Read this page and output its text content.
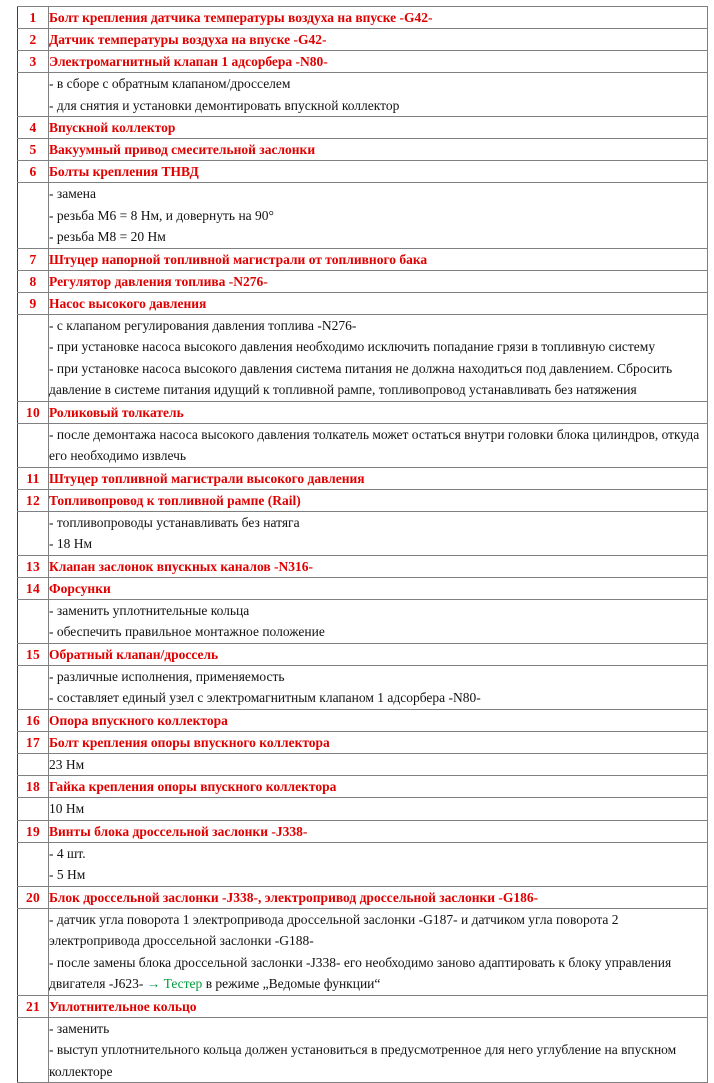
1	Болт крепления датчика температуры воздуха на впуске -G42-
2	Датчик температуры воздуха на впуске -G42-
3	Электромагнитный клапан 1 адсорбера -N80-

	- в сборе с обратным клапаном/дросселем
- для снятия и установки демонтировать впускной коллектор

4	Впускной коллектор
5	Вакуумный привод смесительной заслонки
6	Болты крепления ТНВД

	- замена
- резьба М6 = 8 Нм, и довернуть на 90°
- резьба М8 = 20 Нм

7	Штуцер напорной топливной магистрали от топливного бака
8	Регулятор давления топлива -N276-
9	Насос высокого давления

	- с клапаном регулирования давления топлива -N276-
- при установке насоса высокого давления необходимо исключить попадание грязи в топливную систему
- при установке насоса высокого давления система питания не должна находиться под давлением. Сбросить давление в системе питания идущий к топливной рампе, топливопровод устанавливать без натяжения

10	Роликовый толкатель

	- после демонтажа насоса высокого давления толкатель может остаться внутри головки блока цилиндров, откуда его необходимо извлечь

11	Штуцер топливной магистрали высокого давления
12	Топливопровод к топливной рампе (Rail)

	- топливопроводы устанавливать без натяга
- 18 Нм

13	Клапан заслонок впускных каналов -N316-
14	Форсунки

	- заменить уплотнительные кольца
- обеспечить правильное монтажное положение

15	Обратный клапан/дроссель

	- различные исполнения, применяемость
- составляет единый узел с электромагнитным клапаном 1 адсорбера -N80-

16	Опора впускного коллектора
17	Болт крепления опоры впускного коллектора

	23 Нм

18	Гайка крепления опоры впускного коллектора

	10 Нм

19	Винты блока дроссельной заслонки -J338-

	- 4 шт.
- 5 Нм

20	Блок дроссельной заслонки -J338-, электропривод дроссельной заслонки -G186-

	- датчик угла поворота 1 электропривода дроссельной заслонки -G187- и датчиком угла поворота 2 электропривода дроссельной заслонки -G188-
- после замены блока дроссельной заслонки -J338- его необходимо заново адаптировать к блоку управления двигателя -J623- → Тестер в режиме „Ведомые функции“

21	Уплотнительное кольцо

	- заменить
- выступ уплотнительного кольца должен установиться в предусмотренное для него углубление на впускном коллекторе
